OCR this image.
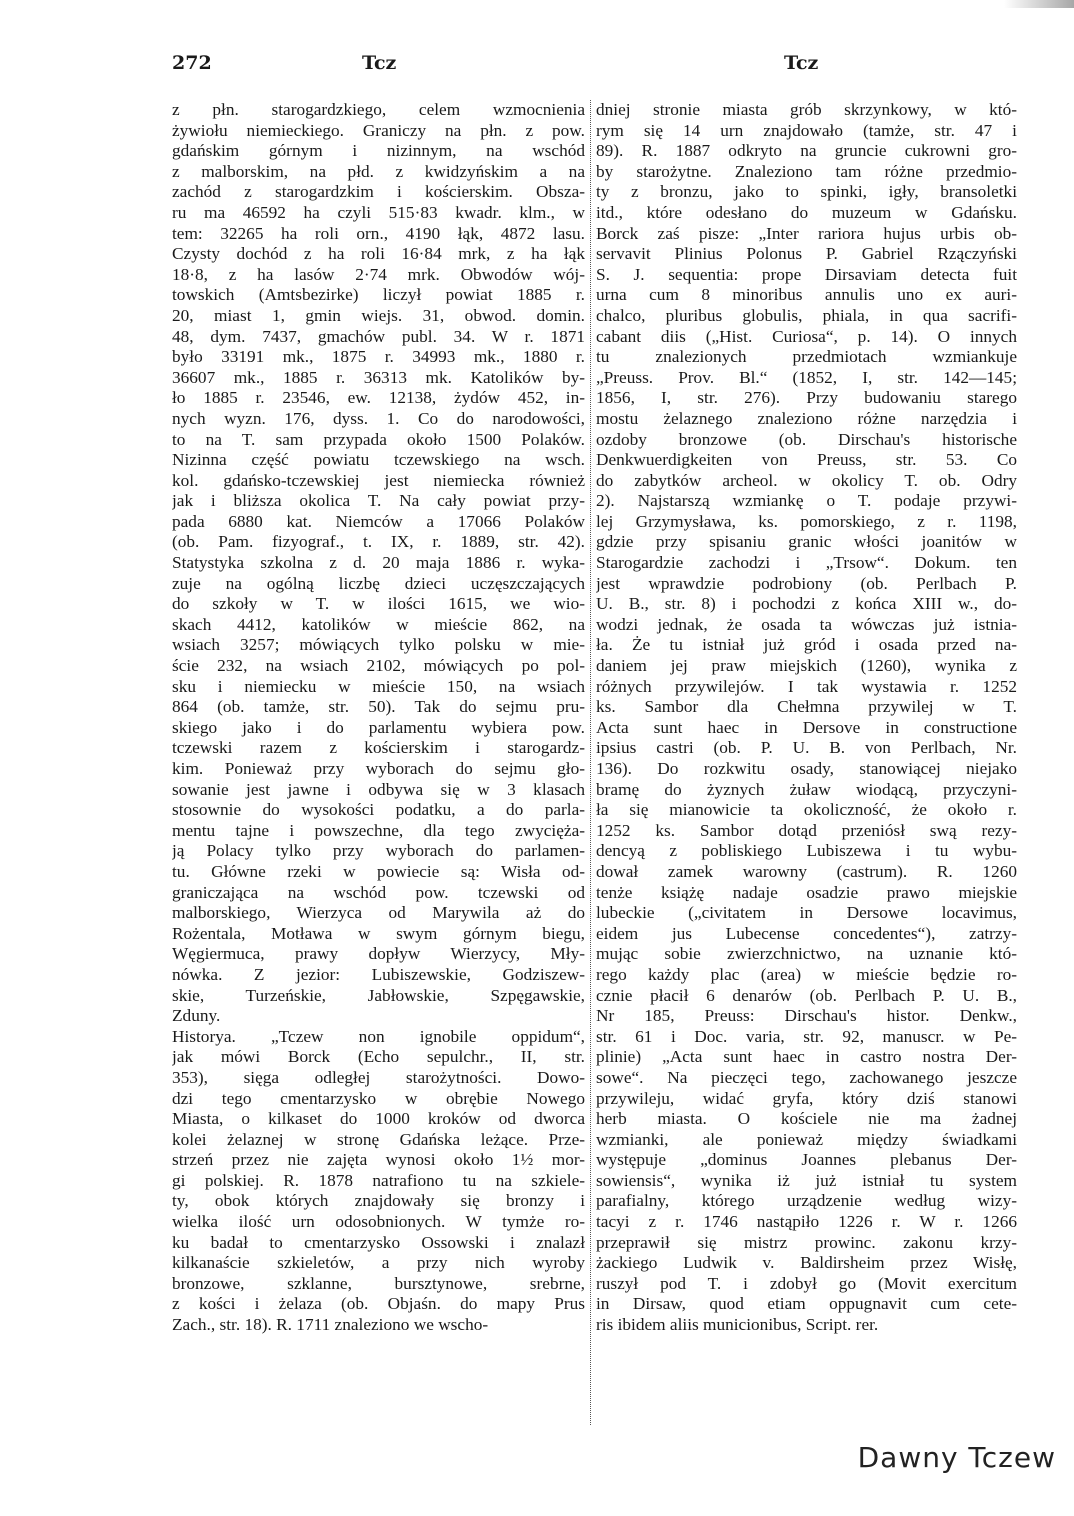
272	Tcz	Tcz
z płn. starogardzkiego, celem wzmocnienia
żywiołu niemieckiego. Graniczy na płn. z pow.
gdańskim górnym i nizinnym, na wschód
z malborskim, na płd. z kwidzyńskim a na
zachód z starogardzkim i kościerskim. Obsza-
ru ma 46592 ha czyli 515·83 kwadr. klm., w
tem: 32265 ha roli orn., 4190 łąk, 4872 lasu.
Czysty dochód z ha roli 16·84 mrk, z ha łąk
18·8, z ha lasów 2·74 mrk. Obwodów wój-
towskich (Amtsbezirke) liczył powiat 1885 r.
20, miast 1, gmin wiejs. 31, obwod. domin.
48, dym. 7437, gmachów publ. 34. W r. 1871
było 33191 mk., 1875 r. 34993 mk., 1880 r.
36607 mk., 1885 r. 36313 mk. Katolików by-
ło 1885 r. 23546, ew. 12138, żydów 452, in-
nych wyzn. 176, dyss. 1. Co do narodowości,
to na T. sam przypada około 1500 Polaków.
Nizinna część powiatu tczewskiego na wsch.
kol. gdańsko-tczewskiej jest niemiecka również
jak i bliższa okolica T. Na cały powiat przy-
pada 6880 kat. Niemców a 17066 Polaków
(ob. Pam. fizyograf., t. IX, r. 1889, str. 42).
Statystyka szkolna z d. 20 maja 1886 r. wyka-
zuje na ogólną liczbę dzieci uczęszczających
do szkoły w T. w ilości 1615, we wio-
skach 4412, katolików w mieście 862, na
wsiach 3257; mówiących tylko polsku w mie-
ście 232, na wsiach 2102, mówiących po pol-
sku i niemiecku w mieście 150, na wsiach
864 (ob. tamże, str. 50). Tak do sejmu pru-
skiego jako i do parlamentu wybiera pow.
tczewski razem z kościerskim i starogardz-
kim. Ponieważ przy wyborach do sejmu gło-
sowanie jest jawne i odbywa się w 3 klasach
stosownie do wysokości podatku, a do parla-
mentu tajne i powszechne, dla tego zwycięża-
ją Polacy tylko przy wyborach do parlamen-
tu. Główne rzeki w powiecie są: Wisła od-
graniczająca na wschód pow. tczewski od
malborskiego, Wierzyca od Marywila aż do
Rożentala, Motława w swym górnym biegu,
Węgiermuca, prawy dopływ Wierzycy, Mły-
nówka. Z jezior: Lubiszewskie, Godziszew-
skie, Turzeńskie, Jabłowskie, Szpęgawskie,
Zduny.
Historya. „Tczew non ignobile oppidum“,
jak mówi Borck (Echo sepulchr., II, str.
353), sięga odległej starożytności. Dowo-
dzi tego cmentarzysko w obrębie Nowego
Miasta, o kilkaset do 1000 kroków od dworca
kolei żelaznej w stronę Gdańska leżące. Prze-
strzeń przez nie zajęta wynosi około 1½ mor-
gi polskiej. R. 1878 natrafiono tu na szkiele-
ty, obok których znajdowały się bronzy i
wielka ilość urn odosobnionych. W tymże ro-
ku badał to cmentarzysko Ossowski i znalazł
kilkanaście szkieletów, a przy nich wyroby
bronzowe, szklanne, bursztynowe, srebrne,
z kości i żelaza (ob. Objaśn. do mapy Prus
Zach., str. 18). R. 1711 znaleziono we wscho-
dniej stronie miasta grób skrzynkowy, w któ-
rym się 14 urn znajdowało (tamże, str. 47 i
89). R. 1887 odkryto na gruncie cukrowni gro-
by starożytne. Znaleziono tam różne przedmio-
ty z bronzu, jako to spinki, igły, bransoletki
itd., które odesłano do muzeum w Gdańsku.
Borck zaś pisze: „Inter rariora hujus urbis ob-
servavit Plinius Polonus P. Gabriel Rzączyński
S. J. sequentia: prope Dirsaviam detecta fuit
urna cum 8 minoribus annulis uno ex auri-
chalco, pluribus globulis, phiala, in qua sacrifi-
cabant diis („Hist. Curiosa“, p. 14). O innych
tu znalezionych przedmiotach wzmiankuje
„Preuss. Prov. Bl.“ (1852, I, str. 142—145;
1856, I, str. 276). Przy budowaniu starego
mostu żelaznego znaleziono różne narzędzia i
ozdoby bronzowe (ob. Dirschau's historische
Denkwuerdigkeiten von Preuss, str. 53. Co
do zabytków archeol. w okolicy T. ob. Odry
2). Najstarszą wzmiankę o T. podaje przywi-
lej Grzymysława, ks. pomorskiego, z r. 1198,
gdzie przy spisaniu granic włości joanitów w
Starogardzie zachodzi i „Trsow“. Dokum. ten
jest wprawdzie podrobiony (ob. Perlbach P.
U. B., str. 8) i pochodzi z końca XIII w., do-
wodzi jednak, że osada ta wówczas już istnia-
ła. Że tu istniał już gród i osada przed na-
daniem jej praw miejskich (1260), wynika z
różnych przywilejów. I tak wystawia r. 1252
ks. Sambor dla Chełmna przywilej w T.
Acta sunt haec in Dersove in constructione
ipsius castri (ob. P. U. B. von Perlbach, Nr.
136). Do rozkwitu osady, stanowiącej niejako
bramę do żyznych żuław wiodącą, przyczyni-
ła się mianowicie ta okoliczność, że około r.
1252 ks. Sambor dotąd przeniósł swą rezy-
dencyą z pobliskiego Lubiszewa i tu wybu-
dował zamek warowny (castrum). R. 1260
tenże książę nadaje osadzie prawo miejskie
lubeckie („civitatem in Dersowe locavimus,
eidem jus Lubecense concedentes“), zatrzy-
mując sobie zwierzchnictwo, na uznanie któ-
rego każdy plac (area) w mieście będzie ro-
cznie płacił 6 denarów (ob. Perlbach P. U. B.,
Nr 185, Preuss: Dirschau's histor. Denkw.,
str. 61 i Doc. varia, str. 92, manuscr. w Pe-
plinie) „Acta sunt haec in castro nostra Der-
sowe“. Na pieczęci tego, zachowanego jeszcze
przywileju, widać gryfa, który dziś stanowi
herb miasta. O kościele nie ma żadnej
wzmianki, ale ponieważ między świadkami
występuje „dominus Joannes plebanus Der-
sowiensis“, wynika iż już istniał tu system
parafialny, którego urządzenie według wizy-
tacyi z r. 1746 nastąpiło 1226 r. W r. 1266
przeprawił się mistrz prowinc. zakonu krzy-
żackiego Ludwik v. Baldirsheim przez Wisłę,
ruszył pod T. i zdobył go (Movit exercitum
in Dirsaw, quod etiam oppugnavit cum cete-
ris ibidem aliis municionibus, Script. rer.
Dawny Tczew
